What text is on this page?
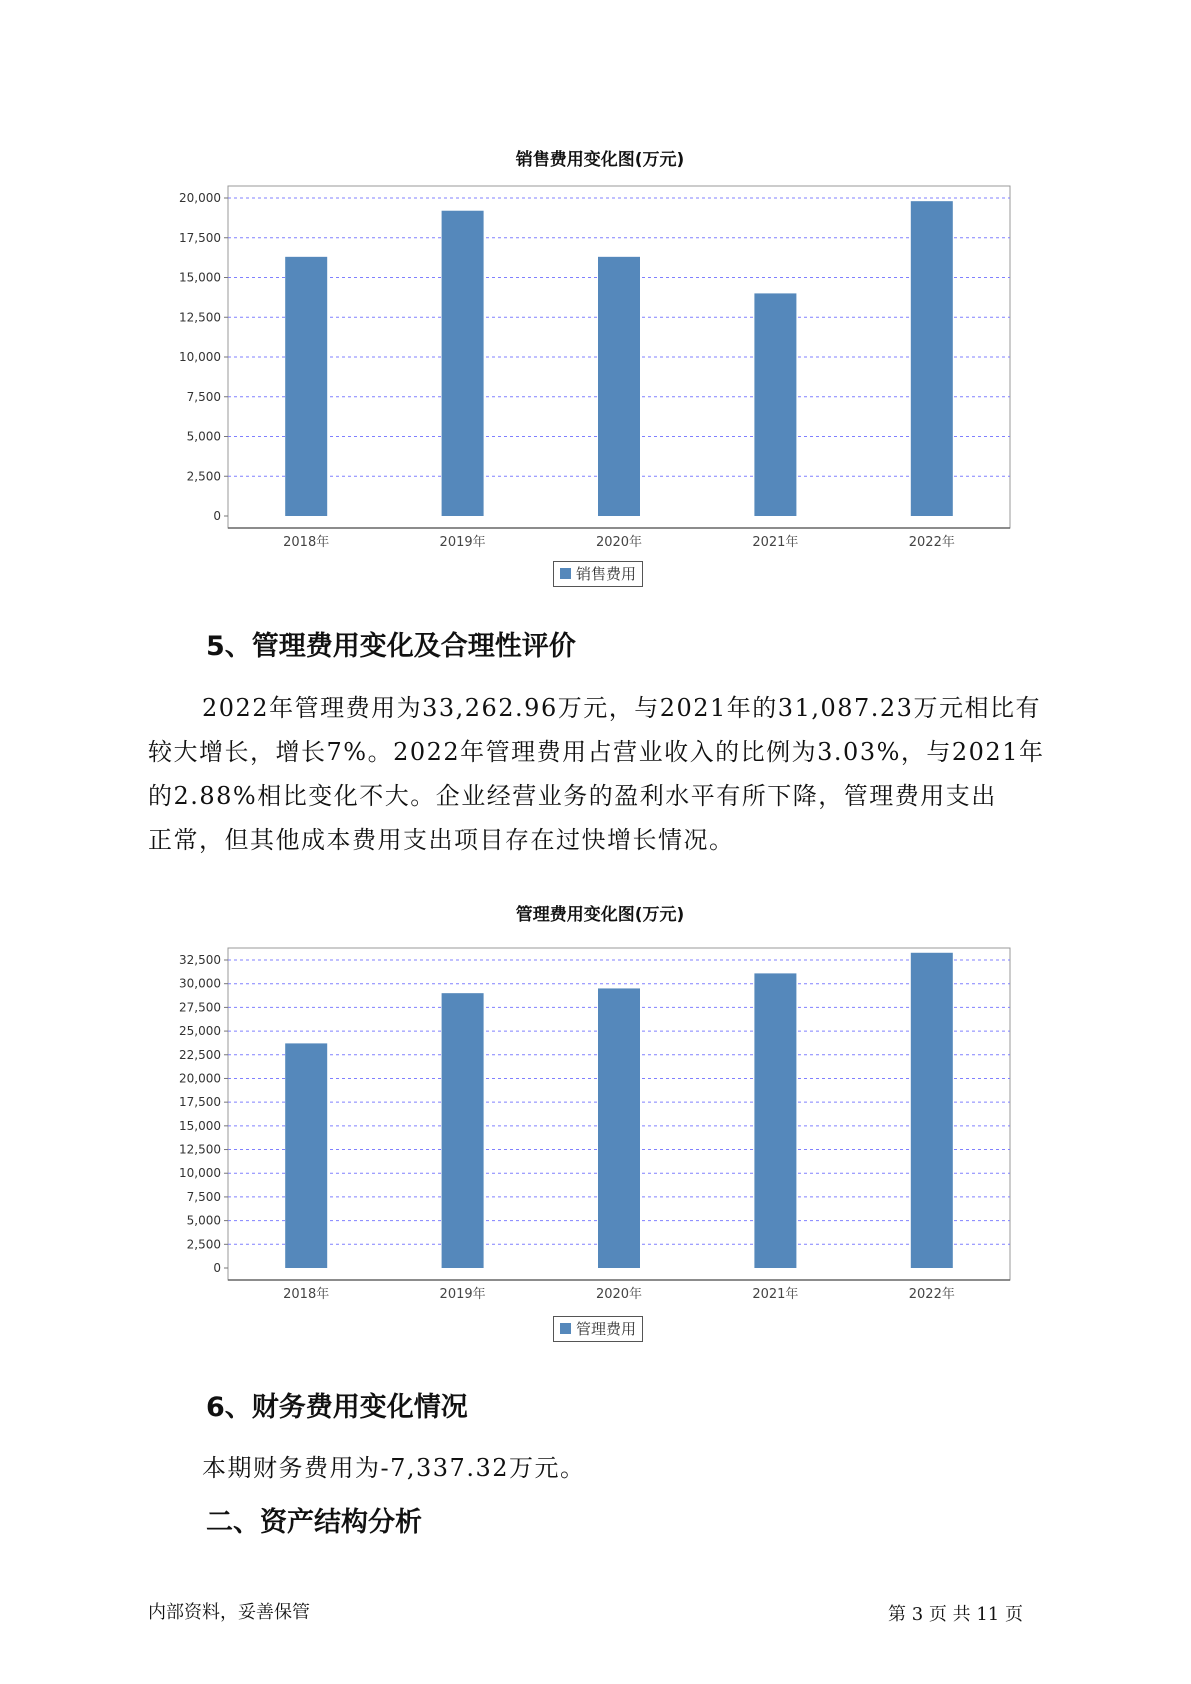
销售费用变化图(万元)
0
2,500
5,000
7,500
10,000
12,500
15,000
17,500
20,000
2018年	2019年	2020年	2021年	2022年
销售费用
5、管理费用变化及合理性评价
2022年管理费用为33,262.96万元，与2021年的31,087.23万元相比有
较大增长，增长7%。2022年管理费用占营业收入的比例为3.03%，与2021年
的2.88%相比变化不大。企业经营业务的盈利水平有所下降，管理费用支出
正常，但其他成本费用支出项目存在过快增长情况。
管理费用变化图(万元)
0
2,500
5,000
7,500
10,000
12,500
15,000
17,500
20,000
22,500
25,000
27,500
30,000
32,500
2018年	2019年	2020年	2021年	2022年
管理费用
6、财务费用变化情况
本期财务费用为-7,337.32万元。
二、资产结构分析
内部资料，妥善保管	第 3 页 共 11 页
